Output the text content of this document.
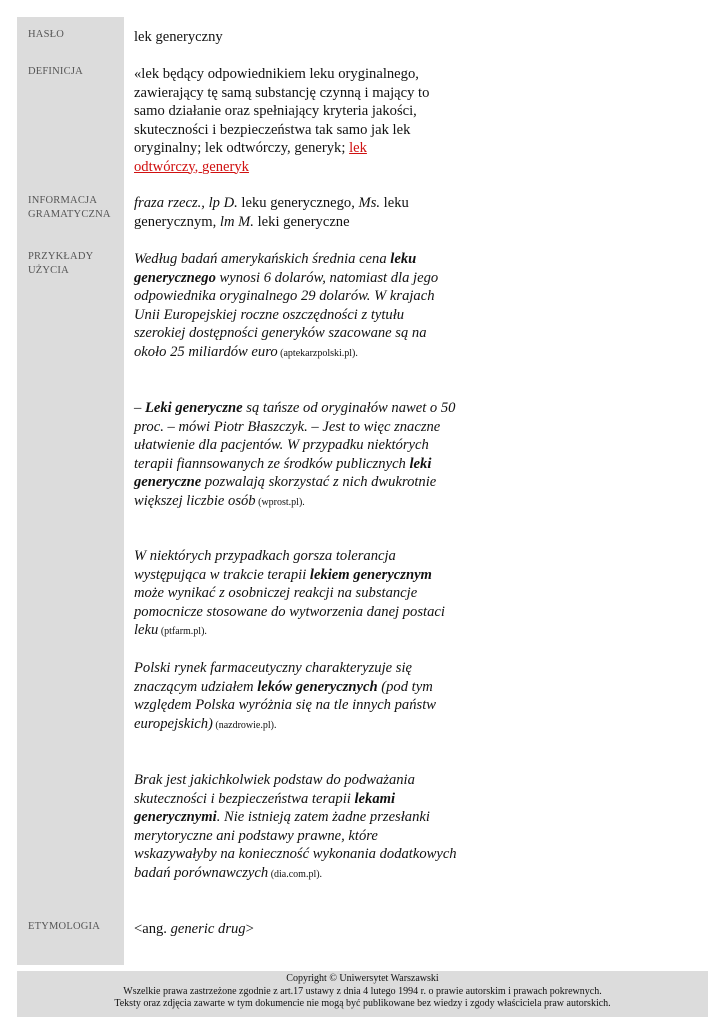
HASŁO
DEFINICJA
INFORMACJA
GRAMATYCZNA
PRZYKŁADY
UŻYCIA
ETYMOLOGIA
lek generyczny
«lek będący odpowiednikiem leku oryginalnego, zawierający tę samą substancję czynną i mający to samo działanie oraz spełniający kryteria jakości, skuteczności i bezpieczeństwa tak samo jak lek oryginalny; lek odtwórczy, generyk; lek odtwórczy, generyk
fraza rzecz., lp D. leku generycznego, Ms. leku generycznym, lm M. leki generyczne
Według badań amerykańskich średnia cena leku generycznego wynosi 6 dolarów, natomiast dla jego odpowiednika oryginalnego 29 dolarów. W krajach Unii Europejskiej roczne oszczędności z tytułu szerokiej dostępności generyków szacowane są na około 25 miliardów euro (aptekarzpolski.pl).
– Leki generyczne są tańsze od oryginałów nawet o 50 proc. – mówi Piotr Błaszczyk. – Jest to więc znaczne ułatwienie dla pacjentów. W przypadku niektórych terapii fiannsowanych ze środków publicznych leki generyczne pozwalają skorzystać z nich dwukrotnie większej liczbie osób (wprost.pl).
W niektórych przypadkach gorsza tolerancja występująca w trakcie terapii lekiem generycznym może wynikać z osobniczej reakcji na substancje pomocnicze stosowane do wytworzenia danej postaci leku (ptfarm.pl).
Polski rynek farmaceutyczny charakteryzuje się znaczącym udziałem leków generycznych (pod tym względem Polska wyróżnia się na tle innych państw europejskich) (nazdrowie.pl).
Brak jest jakichkolwiek podstaw do podważania skuteczności i bezpieczeństwa terapii lekami generycznymi. Nie istnieją zatem żadne przesłanki merytoryczne ani podstawy prawne, które wskazywałyby na konieczność wykonania dodatkowych badań porównawczych (dia.com.pl).
<ang. generic drug>
Copyright © Uniwersytet Warszawski
Wszelkie prawa zastrzeżone zgodnie z art.17 ustawy z dnia 4 lutego 1994 r. o prawie autorskim i prawach pokrewnych.
Teksty oraz zdjęcia zawarte w tym dokumencie nie mogą być publikowane bez wiedzy i zgody właściciela praw autorskich.
